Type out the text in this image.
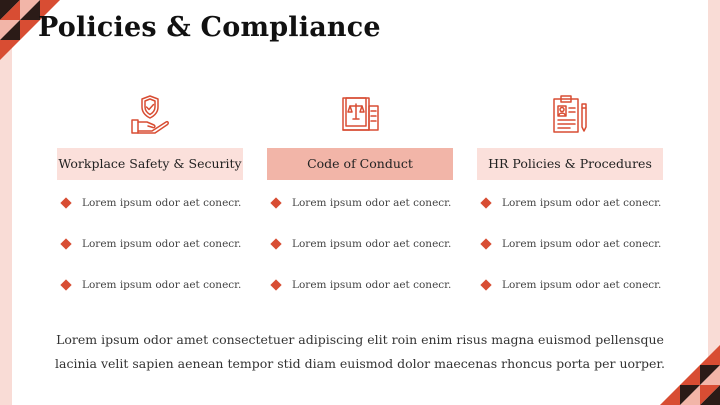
Policies & Compliance
Workplace Safety & Security
Lorem ipsum odor aet conecr.
Lorem ipsum odor aet conecr.
Lorem ipsum odor aet conecr.
Code of Conduct
Lorem ipsum odor aet conecr.
Lorem ipsum odor aet conecr.
Lorem ipsum odor aet conecr.
HR Policies & Procedures
Lorem ipsum odor aet conecr.
Lorem ipsum odor aet conecr.
Lorem ipsum odor aet conecr.

Lorem ipsum odor amet consectetuer adipiscing elit roin enim risus magna euismod pellensque lacinia velit sapien aenean tempor stid diam euismod dolor maecenas rhoncus porta per uorper.
